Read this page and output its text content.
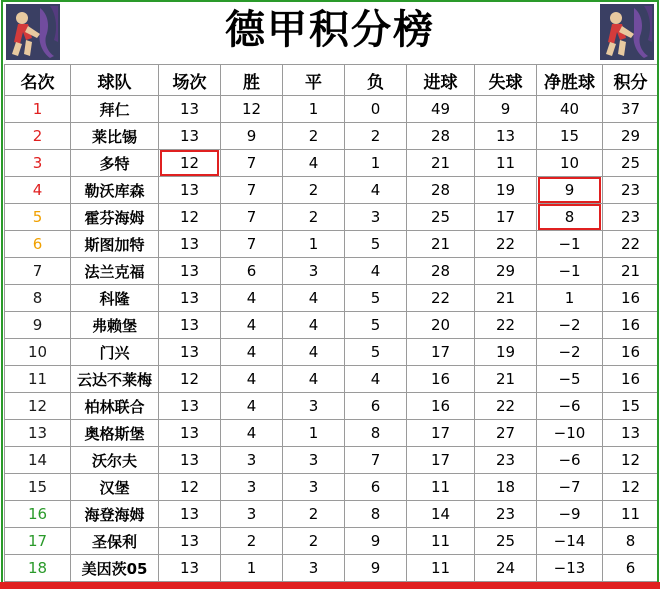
德甲积分榜
名次	球队	场次	胜	平	负	进球	失球	净胜球	积分
1	拜仁	13	12	1	0	49	9	40	37
2	莱比锡	13	9	2	2	28	13	15	29
3	多特	12	7	4	1	21	11	10	25
4	勒沃库森	13	7	2	4	28	19	9	23
5	霍芬海姆	12	7	2	3	25	17	8	23
6	斯图加特	13	7	1	5	21	22	−1	22
7	法兰克福	13	6	3	4	28	29	−1	21
8	科隆	13	4	4	5	22	21	1	16
9	弗赖堡	13	4	4	5	20	22	−2	16
10	门兴	13	4	4	5	17	19	−2	16
11	云达不莱梅	12	4	4	4	16	21	−5	16
12	柏林联合	13	4	3	6	16	22	−6	15
13	奥格斯堡	13	4	1	8	17	27	−10	13
14	沃尔夫	13	3	3	7	17	23	−6	12
15	汉堡	12	3	3	6	11	18	−7	12
16	海登海姆	13	3	2	8	14	23	−9	11
17	圣保利	13	2	2	9	11	25	−14	8
18	美因茨05	13	1	3	9	11	24	−13	6
